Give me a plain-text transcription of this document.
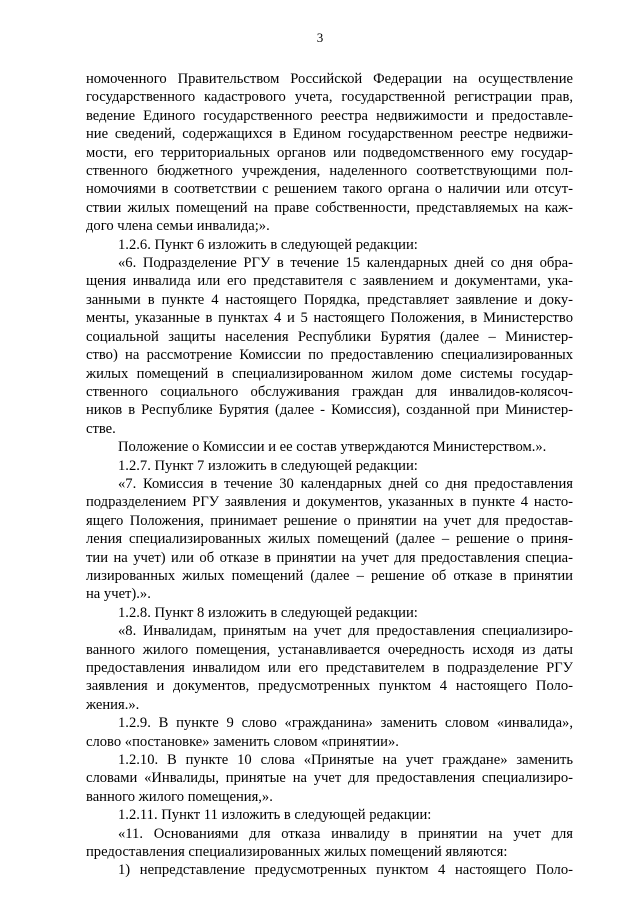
3

номоченного Правительством Российской Федерации на осуществление
государственного кадастрового учета, государственной регистрации прав,
ведение Единого государственного реестра недвижимости и предоставле-
ние сведений, содержащихся в Едином государственном реестре недвижи-
мости, его территориальных органов или подведомственного ему государ-
ственного бюджетного учреждения, наделенного соответствующими пол-
номочиями в соответствии с решением такого органа о наличии или отсут-
ствии жилых помещений на праве собственности, представляемых на каж-
дого члена семьи инвалида;».

1.2.6. Пункт 6 изложить в следующей редакции:

«6. Подразделение РГУ в течение 15 календарных дней со дня обра-
щения инвалида или его представителя с заявлением и документами, ука-
занными в пункте 4 настоящего Порядка, представляет заявление и доку-
менты, указанные в пунктах 4 и 5 настоящего Положения, в Министерство
социальной защиты населения Республики Бурятия (далее – Министер-
ство) на рассмотрение Комиссии по предоставлению специализированных
жилых помещений в специализированном жилом доме системы государ-
ственного социального обслуживания граждан для инвалидов-колясоч-
ников в Республике Бурятия (далее - Комиссия), созданной при Министер-
стве.

Положение о Комиссии и ее состав утверждаются Министерством.».

1.2.7. Пункт 7 изложить в следующей редакции:

«7. Комиссия в течение 30 календарных дней со дня предоставления
подразделением РГУ заявления и документов, указанных в пункте 4 насто-
ящего Положения, принимает решение о принятии на учет для предостав-
ления специализированных жилых помещений (далее – решение о приня-
тии на учет) или об отказе в принятии на учет для предоставления специа-
лизированных жилых помещений (далее – решение об отказе в принятии
на учет).».

1.2.8. Пункт 8 изложить в следующей редакции:

«8. Инвалидам, принятым на учет для предоставления специализиро-
ванного жилого помещения, устанавливается очередность исходя из даты
предоставления инвалидом или его представителем в подразделение РГУ
заявления и документов, предусмотренных пунктом 4 настоящего Поло-
жения.».

1.2.9. В пункте 9 слово «гражданина» заменить словом «инвалида»,
слово «постановке» заменить словом «принятии».

1.2.10. В пункте 10 слова «Принятые на учет граждане» заменить
словами «Инвалиды, принятые на учет для предоставления специализиро-
ванного жилого помещения,».

1.2.11. Пункт 11 изложить в следующей редакции:

«11. Основаниями для отказа инвалиду в принятии на учет для
предоставления специализированных жилых помещений являются:

1) непредставление предусмотренных пунктом 4 настоящего Поло-
